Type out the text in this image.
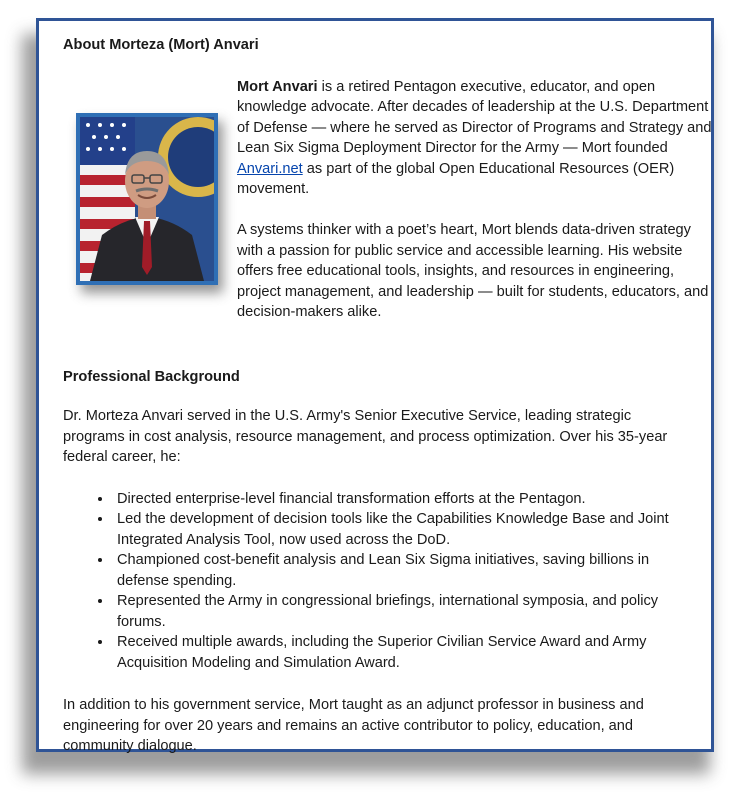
About Morteza (Mort) Anvari

Mort Anvari is a retired Pentagon executive, educator, and open knowledge advocate. After decades of leadership at the U.S. Department of Defense — where he served as Director of Programs and Strategy and Lean Six Sigma Deployment Director for the Army — Mort founded Anvari.net as part of the global Open Educational Resources (OER) movement.

A systems thinker with a poet’s heart, Mort blends data-driven strategy with a passion for public service and accessible learning. His website offers free educational tools, insights, and resources in engineering, project management, and leadership — built for students, educators, and decision-makers alike.

Professional Background

Dr. Morteza Anvari served in the U.S. Army's Senior Executive Service, leading strategic programs in cost analysis, resource management, and process optimization. Over his 35-year federal career, he:

• Directed enterprise-level financial transformation efforts at the Pentagon.
• Led the development of decision tools like the Capabilities Knowledge Base and Joint Integrated Analysis Tool, now used across the DoD.
• Championed cost-benefit analysis and Lean Six Sigma initiatives, saving billions in defense spending.
• Represented the Army in congressional briefings, international symposia, and policy forums.
• Received multiple awards, including the Superior Civilian Service Award and Army Acquisition Modeling and Simulation Award.

In addition to his government service, Mort taught as an adjunct professor in business and engineering for over 20 years and remains an active contributor to policy, education, and community dialogue.
